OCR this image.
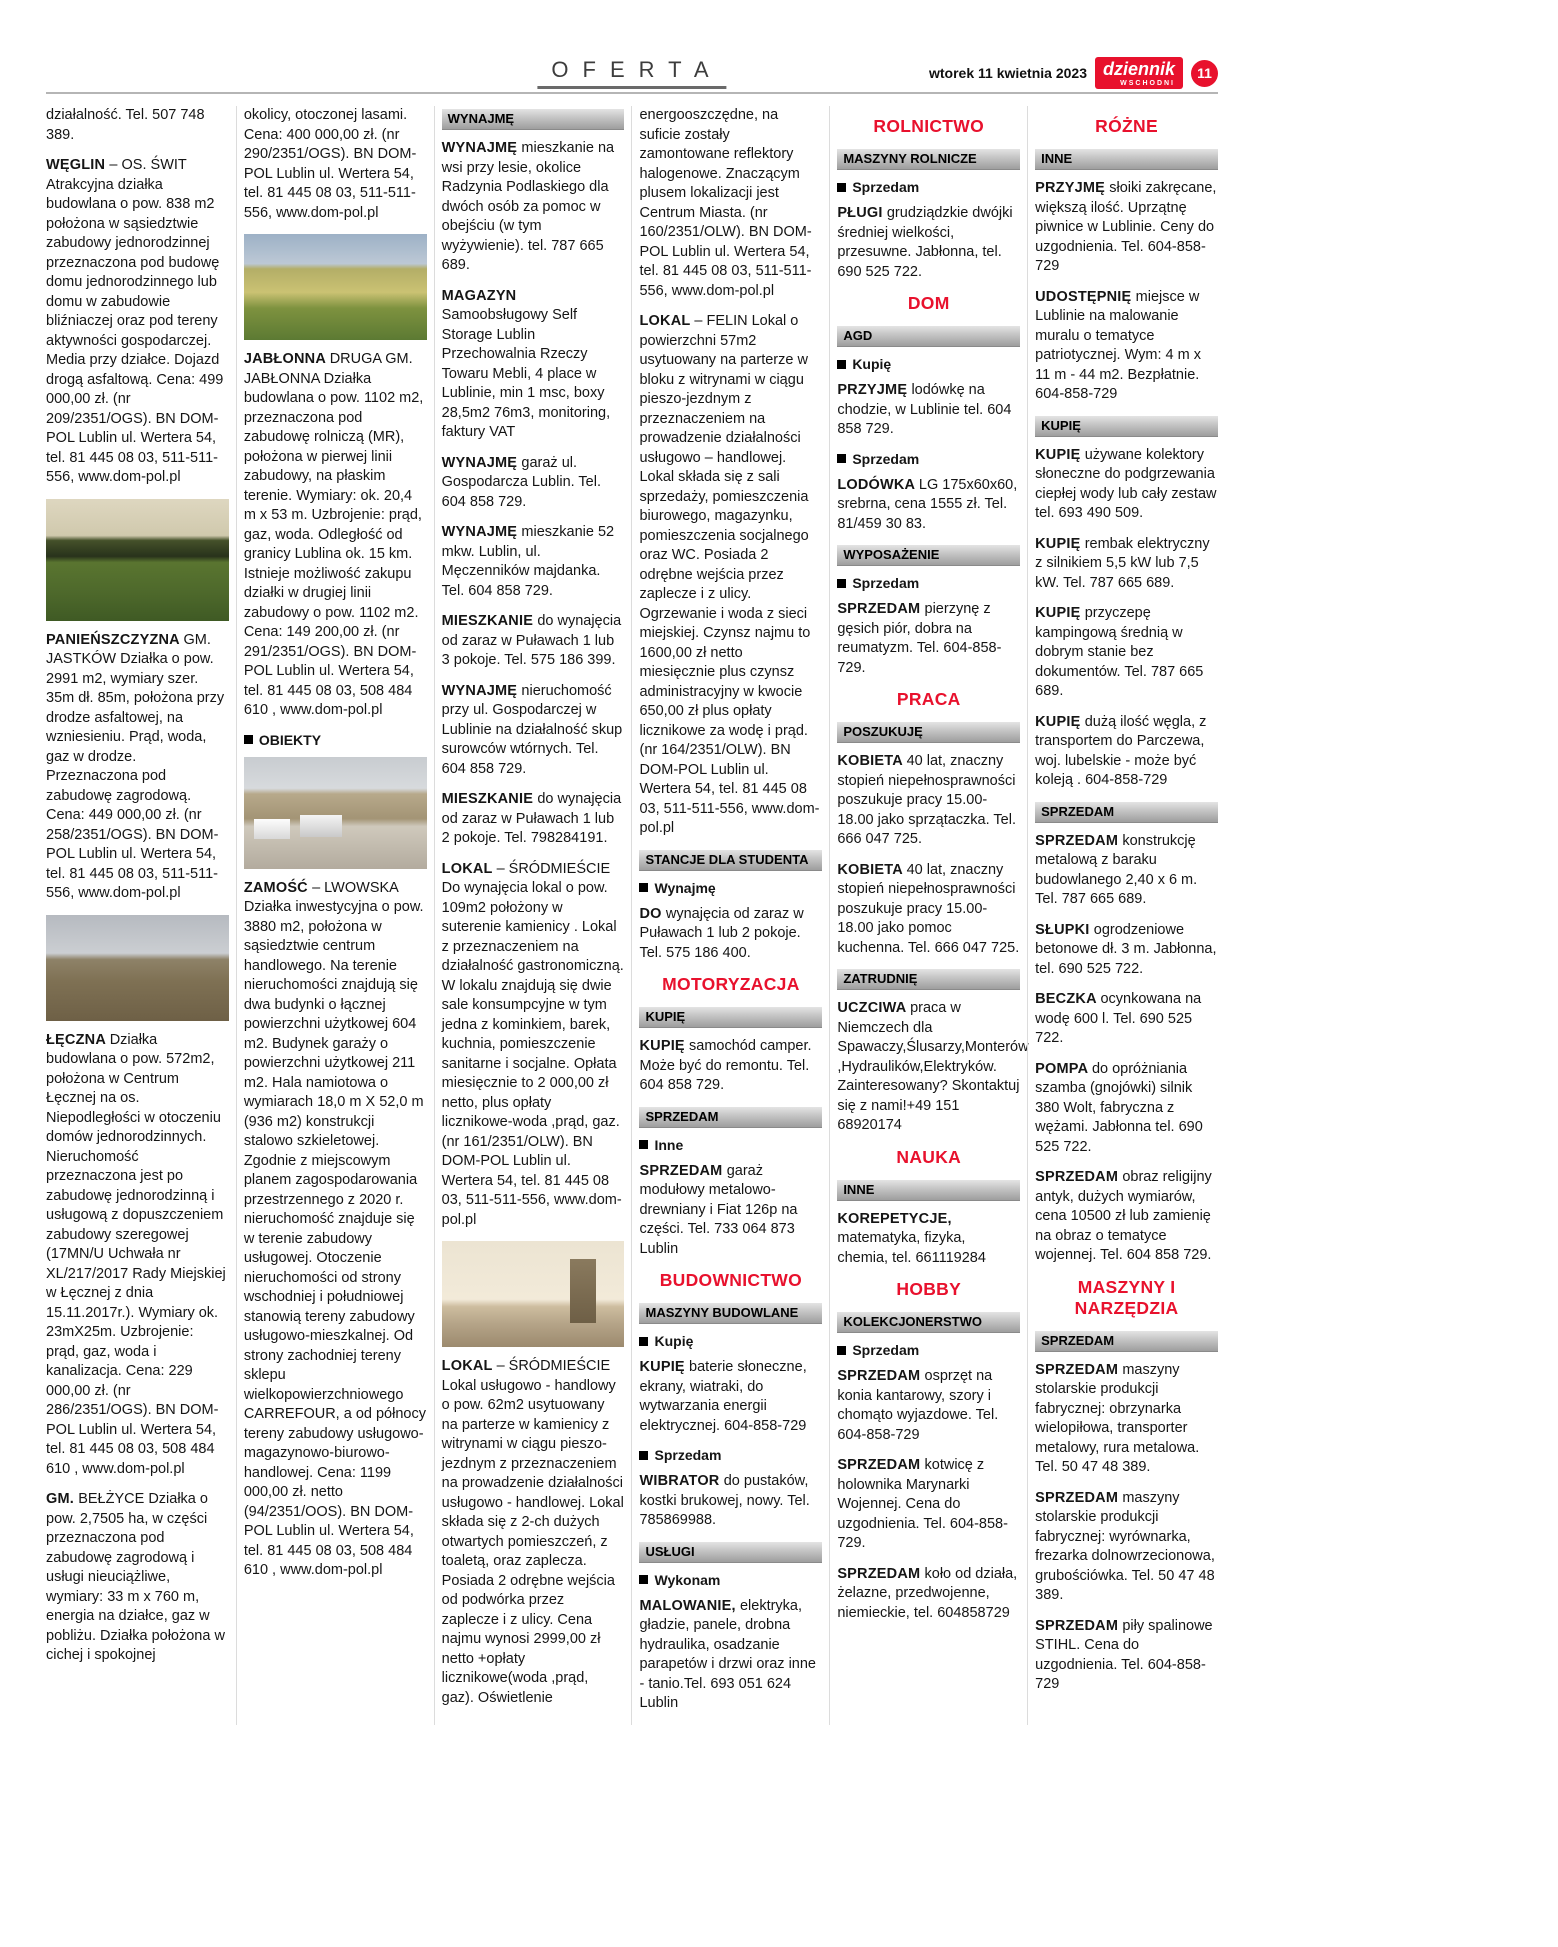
OFERTA	wtorek 11 kwietnia 2023 dziennik
WSCHODNI
11

działalność. Tel. 507 748 389.

WĘGLIN – OS. ŚWIT Atrakcyjna działka budowlana o pow. 838 m2 położona w sąsiedztwie zabudowy jednorodzinnej przeznaczona pod budowę domu jednorodzinnego lub domu w zabudowie bliźniaczej oraz pod tereny aktywności gospodarczej. Media przy działce. Dojazd drogą asfaltową. Cena: 499 000,00 zł. (nr 209/2351/OGS). BN DOM-POL Lublin ul. Wertera 54, tel. 81 445 08 03, 511-511-556, www.dom-pol.pl

PANIEŃSZCZYZNA GM. JASTKÓW Działka o pow. 2991 m2, wymiary szer. 35m dł. 85m, położona przy drodze asfaltowej, na wzniesieniu. Prąd, woda, gaz w drodze. Przeznaczona pod zabudowę zagrodową. Cena: 449 000,00 zł. (nr 258/2351/OGS). BN DOM-POL Lublin ul. Wertera 54, tel. 81 445 08 03, 511-511-556, www.dom-pol.pl

ŁĘCZNA Działka budowlana o pow. 572m2, położona w Centrum Łęcznej na os. Niepodległości w otoczeniu domów jednorodzinnych. Nieruchomość przeznaczona jest po zabudowę jednorodzinną i usługową z dopuszczeniem zabudowy szeregowej (17MN/U Uchwała nr XL/217/2017 Rady Miejskiej w Łęcznej z dnia 15.11.2017r.). Wymiary ok. 23mX25m. Uzbrojenie: prąd, gaz, woda i kanalizacja. Cena: 229 000,00 zł. (nr 286/2351/OGS). BN DOM-POL Lublin ul. Wertera 54, tel. 81 445 08 03, 508 484 610 , www.dom-pol.pl

GM. BEŁŻYCE Działka o pow. 2,7505 ha, w części przeznaczona pod zabudowę zagrodową i usługi nieuciążliwe, wymiary: 33 m x 760 m, energia na działce, gaz w pobliżu. Działka położona w cichej i spokojnej

okolicy, otoczonej lasami. Cena: 400 000,00 zł. (nr 290/2351/OGS). BN DOM-POL Lublin ul. Wertera 54, tel. 81 445 08 03, 511-511-556, www.dom-pol.pl

JABŁONNA DRUGA GM. JABŁONNA Działka budowlana o pow. 1102 m2, przeznaczona pod zabudowę rolniczą (MR), położona w pierwej linii zabudowy, na płaskim terenie. Wymiary: ok. 20,4 m x 53 m. Uzbrojenie: prąd, gaz, woda. Odległość od granicy Lublina ok. 15 km. Istnieje możliwość zakupu działki w drugiej linii zabudowy o pow. 1102 m2. Cena: 149 200,00 zł. (nr 291/2351/OGS). BN DOM-POL Lublin ul. Wertera 54, tel. 81 445 08 03, 508 484 610 , www.dom-pol.pl

OBIEKTY

ZAMOŚĆ – LWOWSKA Działka inwestycyjna o pow. 3880 m2, położona w sąsiedztwie centrum handlowego. Na terenie nieruchomości znajdują się dwa budynki o łącznej powierzchni użytkowej 604 m2. Budynek garaży o powierzchni użytkowej 211 m2. Hala namiotowa o wymiarach 18,0 m X 52,0 m (936 m2) konstrukcji stalowo szkieletowej. Zgodnie z miejscowym planem zagospodarowania przestrzennego z 2020 r. nieruchomość znajduje się w terenie zabudowy usługowej. Otoczenie nieruchomości od strony wschodniej i południowej stanowią tereny zabudowy usługowo-mieszkalnej. Od strony zachodniej tereny sklepu wielkopowierzchniowego CARREFOUR, a od północy tereny zabudowy usługowo-magazynowo-biurowo-handlowej. Cena: 1199 000,00 zł. netto (94/2351/OOS). BN DOM-POL Lublin ul. Wertera 54, tel. 81 445 08 03, 508 484 610 , www.dom-pol.pl

WYNAJMĘ

WYNAJMĘ mieszkanie na wsi przy lesie, okolice Radzynia Podlaskiego dla dwóch osób za pomoc w obejściu (w tym wyżywienie). tel. 787 665 689.

MAGAZYN Samoobsługowy Self Storage Lublin Przechowalnia Rzeczy Towaru Mebli, 4 place w Lublinie, min 1 msc, boxy 28,5m2 76m3, monitoring, faktury VAT

WYNAJMĘ garaż ul. Gospodarcza Lublin. Tel. 604 858 729.

WYNAJMĘ mieszkanie 52 mkw. Lublin, ul. Męczenników majdanka. Tel. 604 858 729.

MIESZKANIE do wynajęcia od zaraz w Puławach 1 lub 3 pokoje. Tel. 575 186 399.

WYNAJMĘ nieruchomość przy ul. Gospodarczej w Lublinie na działalność skup surowców wtórnych. Tel. 604 858 729.

MIESZKANIE do wynajęcia od zaraz w Puławach 1 lub 2 pokoje. Tel. 798284191.

LOKAL – ŚRÓDMIEŚCIE Do wynajęcia lokal o pow. 109m2 położony w suterenie kamienicy . Lokal z przeznaczeniem na działalność gastronomiczną. W lokalu znajdują się dwie sale konsumpcyjne w tym jedna z kominkiem, barek, kuchnia, pomieszczenie sanitarne i socjalne. Opłata miesięcznie to 2 000,00 zł netto, plus opłaty licznikowe-woda ,prąd, gaz. (nr 161/2351/OLW). BN DOM-POL Lublin ul. Wertera 54, tel. 81 445 08 03, 511-511-556, www.dom-pol.pl

LOKAL – ŚRÓDMIEŚCIE Lokal usługowo - handlowy o pow. 62m2 usytuowany na parterze w kamienicy z witrynami w ciągu pieszo-jezdnym z przeznaczeniem na prowadzenie działalności usługowo - handlowej. Lokal składa się z 2-ch dużych otwartych pomieszczeń, z toaletą, oraz zaplecza. Posiada 2 odrębne wejścia od podwórka przez zaplecze i z ulicy. Cena najmu wynosi 2999,00 zł netto +opłaty licznikowe(woda ,prąd, gaz). Oświetlenie

energooszczędne, na suficie zostały zamontowane reflektory halogenowe. Znaczącym plusem lokalizacji jest Centrum Miasta. (nr 160/2351/OLW). BN DOM-POL Lublin ul. Wertera 54, tel. 81 445 08 03, 511-511-556, www.dom-pol.pl

LOKAL – FELIN Lokal o powierzchni 57m2 usytuowany na parterze w bloku z witrynami w ciągu pieszo-jezdnym z przeznaczeniem na prowadzenie działalności usługowo – handlowej. Lokal składa się z sali sprzedaży, pomieszczenia biurowego, magazynku, pomieszczenia socjalnego oraz WC. Posiada 2 odrębne wejścia przez zaplecze i z ulicy. Ogrzewanie i woda z sieci miejskiej. Czynsz najmu to 1600,00 zł netto miesięcznie plus czynsz administracyjny w kwocie 650,00 zł plus opłaty licznikowe za wodę i prąd. (nr 164/2351/OLW). BN DOM-POL Lublin ul. Wertera 54, tel. 81 445 08 03, 511-511-556, www.dom-pol.pl

STANCJE DLA STUDENTA
Wynajmę

DO wynajęcia od zaraz w Puławach 1 lub 2 pokoje. Tel. 575 186 400.

MOTORYZACJA
KUPIĘ

KUPIĘ samochód camper. Może być do remontu. Tel. 604 858 729.

SPRZEDAM
Inne

SPRZEDAM garaż modułowy metalowo-drewniany i Fiat 126p na części. Tel. 733 064 873 Lublin

BUDOWNICTWO
MASZYNY BUDOWLANE
Kupię

KUPIĘ baterie słoneczne, ekrany, wiatraki, do wytwarzania energii elektrycznej. 604-858-729

Sprzedam

WIBRATOR do pustaków, kostki brukowej, nowy. Tel. 785869988.

USŁUGI
Wykonam

MALOWANIE, elektryka, gładzie, panele, drobna hydraulika, osadzanie parapetów i drzwi oraz inne - tanio.Tel. 693 051 624 Lublin

ROLNICTWO
MASZYNY ROLNICZE
Sprzedam

PŁUGI grudziądzkie dwójki średniej wielkości, przesuwne. Jabłonna, tel. 690 525 722.

DOM
AGD
Kupię

PRZYJMĘ lodówkę na chodzie, w Lublinie tel. 604 858 729.

Sprzedam

LODÓWKA LG 175x60x60, srebrna, cena 1555 zł. Tel. 81/459 30 83.

WYPOSAŻENIE
Sprzedam

SPRZEDAM pierzynę z gęsich piór, dobra na reumatyzm. Tel. 604-858-729.

PRACA
POSZUKUJĘ

KOBIETA 40 lat, znaczny stopień niepełnosprawności poszukuje pracy 15.00-18.00 jako sprzątaczka. Tel. 666 047 725.

KOBIETA 40 lat, znaczny stopień niepełnosprawności poszukuje pracy 15.00-18.00 jako pomoc kuchenna. Tel. 666 047 725.

ZATRUDNIĘ

UCZCIWA praca w Niemczech dla Spawaczy,Ślusarzy,Monterów ,Hydraulików,Elektryków. Zainteresowany? Skontaktuj się z nami!+49 151 68920174

NAUKA
INNE

KOREPETYCJE, matematyka, fizyka, chemia, tel. 661119284

HOBBY
KOLEKCJONERSTWO
Sprzedam

SPRZEDAM osprzęt na konia kantarowy, szory i chomąto wyjazdowe. Tel. 604-858-729

SPRZEDAM kotwicę z holownika Marynarki Wojennej. Cena do uzgodnienia. Tel. 604-858-729.

SPRZEDAM koło od działa, żelazne, przedwojenne, niemieckie, tel. 604858729

RÓŻNE
INNE

PRZYJMĘ słoiki zakręcane, większą ilość. Uprzątnę piwnice w Lublinie. Ceny do uzgodnienia. Tel. 604-858-729

UDOSTĘPNIĘ miejsce w Lublinie na malowanie muralu o tematyce patriotycznej. Wym: 4 m x 11 m - 44 m2. Bezpłatnie. 604-858-729

KUPIĘ

KUPIĘ używane kolektory słoneczne do podgrzewania ciepłej wody lub cały zestaw tel. 693 490 509.

KUPIĘ rembak elektryczny z silnikiem 5,5 kW lub 7,5 kW. Tel. 787 665 689.

KUPIĘ przyczepę kampingową średnią w dobrym stanie bez dokumentów. Tel. 787 665 689.

KUPIĘ dużą ilość węgla, z transportem do Parczewa, woj. lubelskie - może być koleją . 604-858-729

SPRZEDAM

SPRZEDAM konstrukcję metalową z baraku budowlanego 2,40 x 6 m. Tel. 787 665 689.

SŁUPKI ogrodzeniowe betonowe dł. 3 m. Jabłonna, tel. 690 525 722.

BECZKA ocynkowana na wodę 600 l. Tel. 690 525 722.

POMPA do opróżniania szamba (gnojówki) silnik 380 Wolt, fabryczna z wężami. Jabłonna tel. 690 525 722.

SPRZEDAM obraz religijny antyk, dużych wymiarów, cena 10500 zł lub zamienię na obraz o tematyce wojennej. Tel. 604 858 729.

MASZYNY I NARZĘDZIA
SPRZEDAM

SPRZEDAM maszyny stolarskie produkcji fabrycznej: obrzynarka wielopiłowa, transporter metalowy, rura metalowa. Tel. 50 47 48 389.

SPRZEDAM maszyny stolarskie produkcji fabrycznej: wyrównarka, frezarka dolnowrzecionowa, grubościówka. Tel. 50 47 48 389.

SPRZEDAM piły spalinowe STIHL. Cena do uzgodnienia. Tel. 604-858-729
